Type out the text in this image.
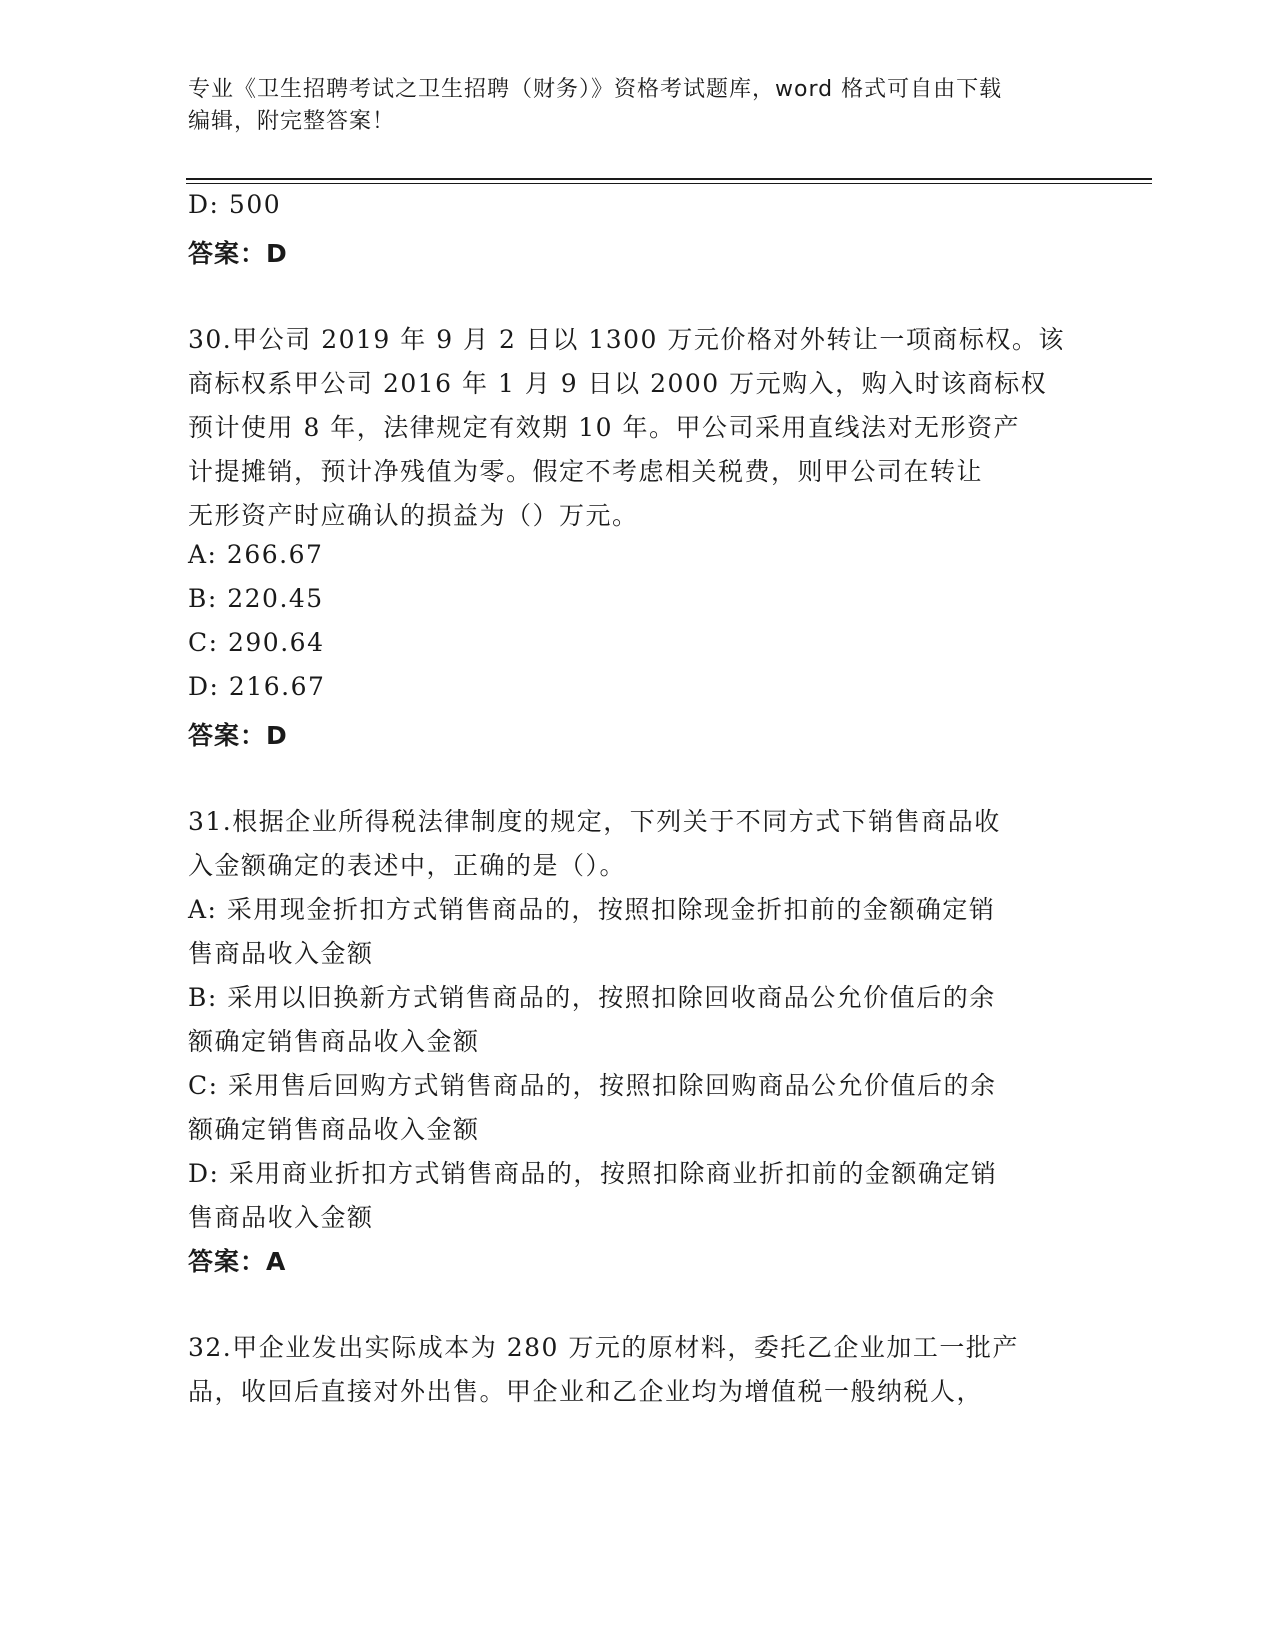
专业《卫生招聘考试之卫生招聘（财务）》资格考试题库，word 格式可自由下载
编辑，附完整答案！
D: 500
答案：D
30.甲公司 2019 年 9 月 2 日以 1300 万元价格对外转让一项商标权。该
商标权系甲公司 2016 年 1 月 9 日以 2000 万元购入，购入时该商标权
预计使用 8 年，法律规定有效期 10 年。甲公司采用直线法对无形资产
计提摊销，预计净残值为零。假定不考虑相关税费，则甲公司在转让
无形资产时应确认的损益为（）万元。
A: 266.67
B: 220.45
C: 290.64
D: 216.67
答案：D
31.根据企业所得税法律制度的规定，下列关于不同方式下销售商品收
入金额确定的表述中，正确的是（）。
A: 采用现金折扣方式销售商品的，按照扣除现金折扣前的金额确定销
售商品收入金额
B: 采用以旧换新方式销售商品的，按照扣除回收商品公允价值后的余
额确定销售商品收入金额
C: 采用售后回购方式销售商品的，按照扣除回购商品公允价值后的余
额确定销售商品收入金额
D: 采用商业折扣方式销售商品的，按照扣除商业折扣前的金额确定销
售商品收入金额
答案：A
32.甲企业发出实际成本为 280 万元的原材料，委托乙企业加工一批产
品，收回后直接对外出售。甲企业和乙企业均为增值税一般纳税人，
